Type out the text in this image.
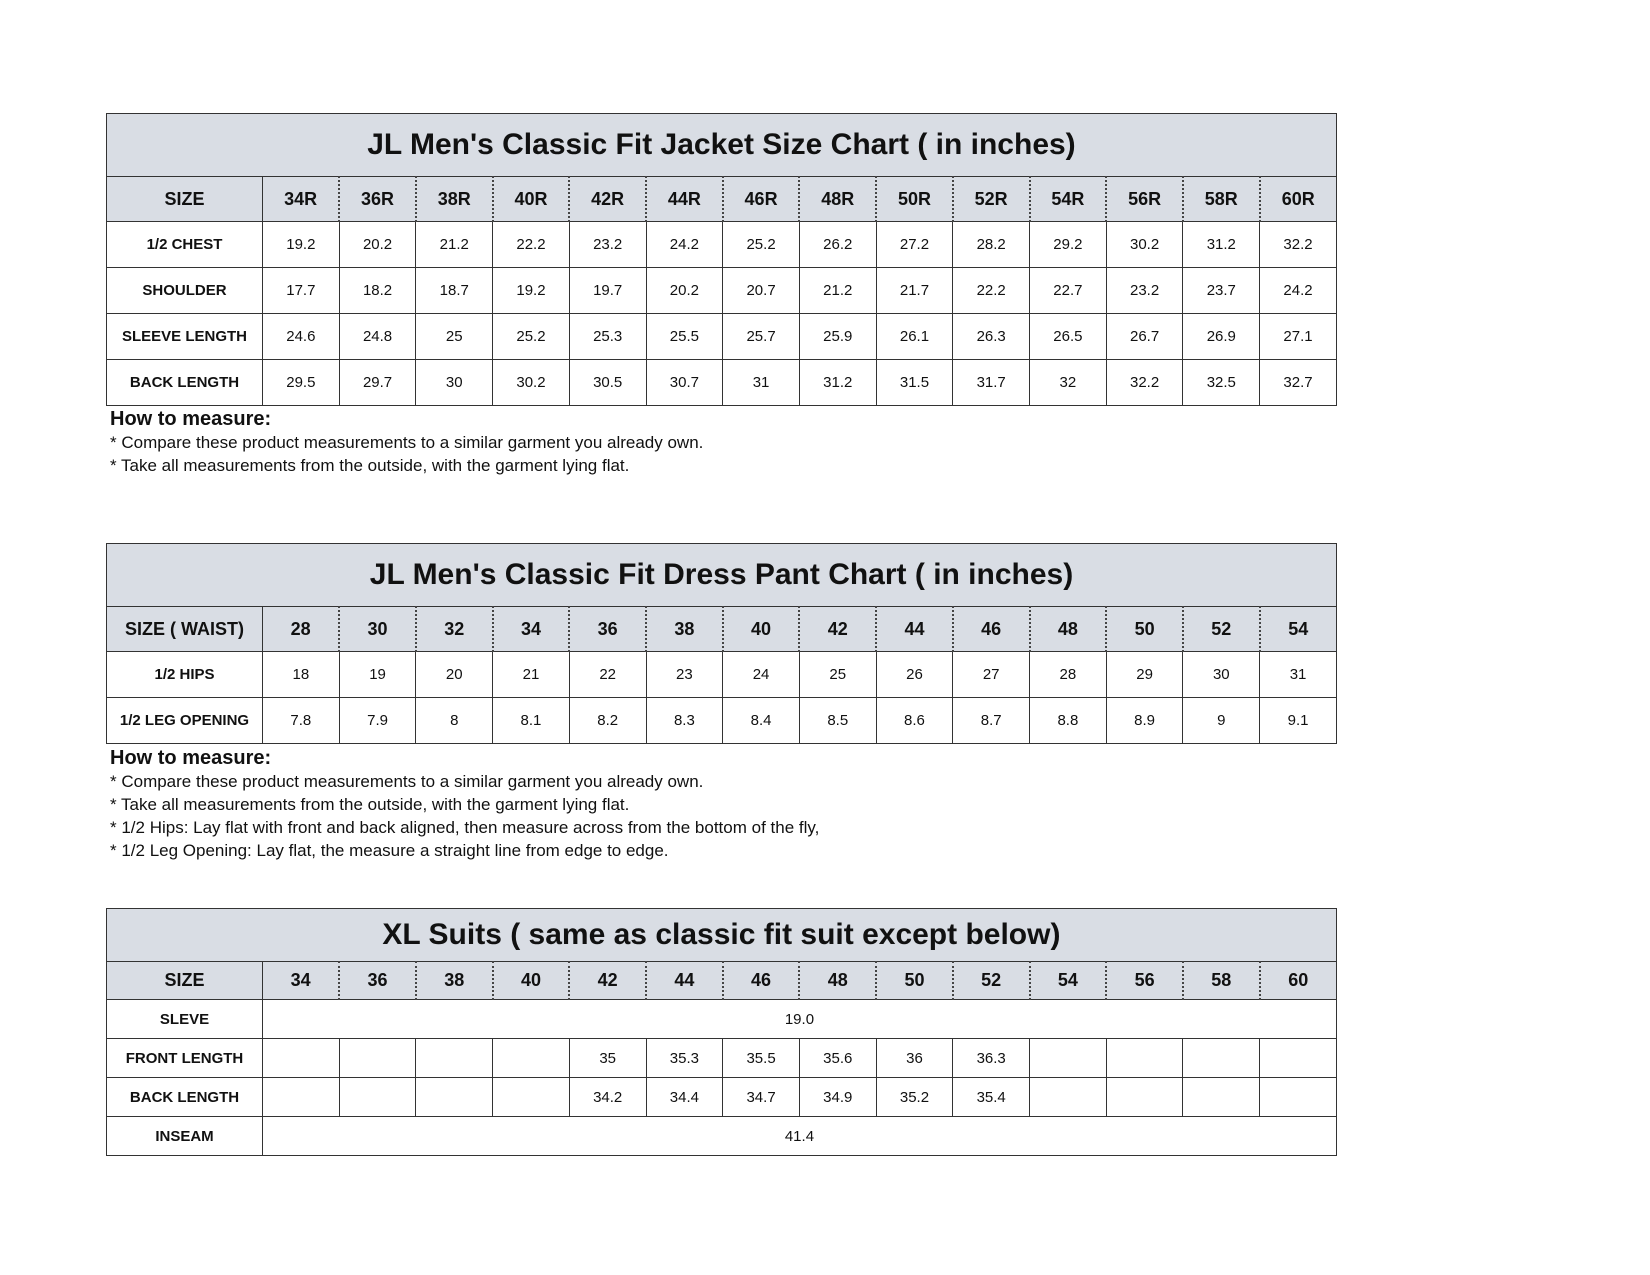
JL Men's Classic Fit Jacket Size Chart ( in inches)														
SIZE	34R	36R	38R	40R	42R	44R	46R	48R	50R	52R	54R	56R	58R	60R
1/2 CHEST	19.2	20.2	21.2	22.2	23.2	24.2	25.2	26.2	27.2	28.2	29.2	30.2	31.2	32.2
SHOULDER	17.7	18.2	18.7	19.2	19.7	20.2	20.7	21.2	21.7	22.2	22.7	23.2	23.7	24.2
SLEEVE LENGTH	24.6	24.8	25	25.2	25.3	25.5	25.7	25.9	26.1	26.3	26.5	26.7	26.9	27.1
BACK LENGTH	29.5	29.7	30	30.2	30.5	30.7	31	31.2	31.5	31.7	32	32.2	32.5	32.7
How to measure:
* Compare these product measurements to a similar garment you already own.
* Take all measurements from the outside, with the garment lying flat.
JL Men's Classic Fit Dress Pant Chart ( in inches)														
SIZE ( WAIST)	28	30	32	34	36	38	40	42	44	46	48	50	52	54
1/2 HIPS	18	19	20	21	22	23	24	25	26	27	28	29	30	31
1/2 LEG OPENING	7.8	7.9	8	8.1	8.2	8.3	8.4	8.5	8.6	8.7	8.8	8.9	9	9.1
How to measure:
* Compare these product measurements to a similar garment you already own.
* Take all measurements from the outside, with the garment lying flat.
* 1/2 Hips: Lay flat with front and back aligned, then measure across from the bottom of the fly,
* 1/2 Leg Opening: Lay flat, the measure a straight line from edge to edge.
XL Suits ( same as classic fit suit except below)														
SIZE	34	36	38	40	42	44	46	48	50	52	54	56	58	60
SLEVE	19.0													
FRONT LENGTH					35	35.3	35.5	35.6	36	36.3				
BACK LENGTH					34.2	34.4	34.7	34.9	35.2	35.4				
INSEAM	41.4													
